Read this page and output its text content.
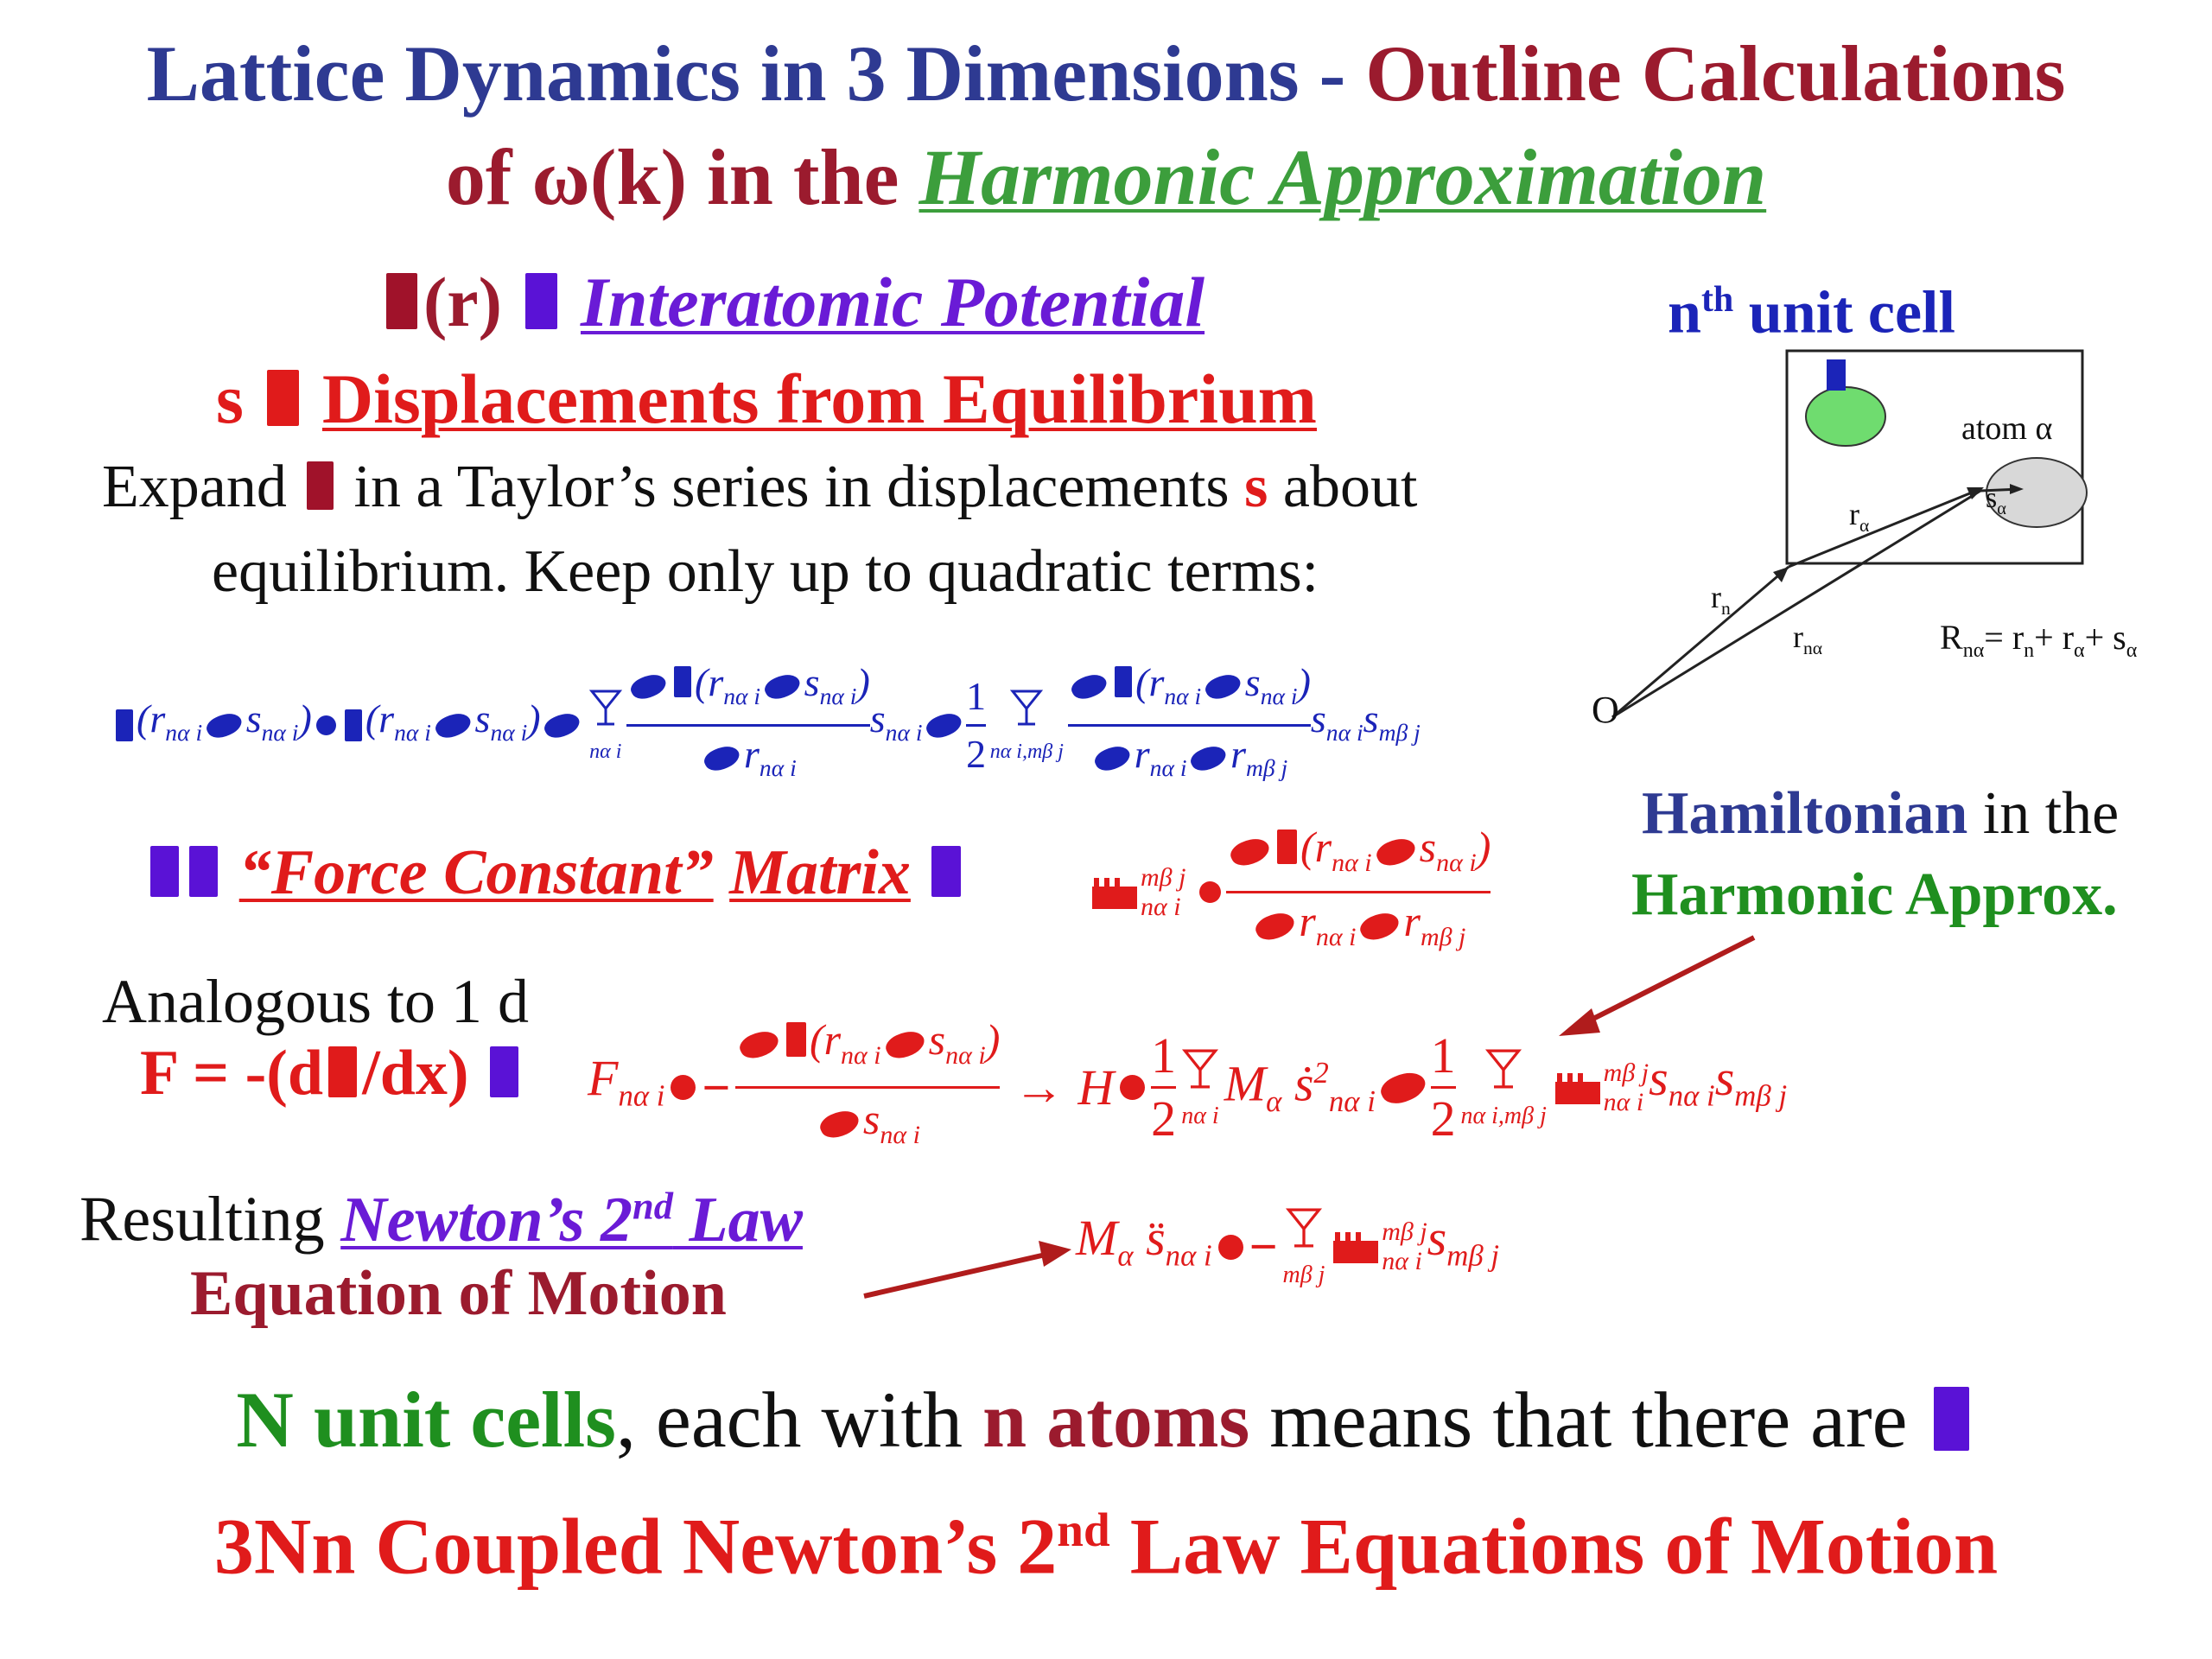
Lattice Dynamics in 3 Dimensions - Outline Calculations
of ω(k) in the Harmonic Approximation
(r) Interatomic Potential
s Displacements from Equilibrium
Expand in a Taylor’s series in displacements s about
equilibrium. Keep only up to quadratic terms:
($r_{n\alpha i}$ $s_{n\alpha i}$) ($r_{n\alpha i}$ $s_{n\alpha i}$)
nα i $\frac{(r_{n\alpha i} s_{n\alpha i})}{r_{n\alpha i}} s_{n\alpha i} \frac{1}{2}$ nα i,mβ j $\frac{(r_{n\alpha i} s_{n\alpha i})}{r_{n\alpha i} r_{m\beta j}} s_{n\alpha i}s_{m\beta j}$
$n^{th}$ unit cell
atom α
$r_\alpha$
$s_\alpha$
$r_n$
$r_{n\alpha}$	$R_{n\alpha}= r_n+ r_\alpha+ s_\alpha$
O
“Force Constant” Matrix	mβ j
nα i $\frac{(r_{n\alpha i} s_{n\alpha i})}{r_{n\alpha i} r_{m\beta j}}$
Hamiltonian in the
Harmonic Approx.
Analogous to 1 d
F = -(d /dx)	$F_{n\alpha i} - \frac{(r_{n\alpha i} s_{n\alpha i})}{s_{n\alpha i}} \to H \frac{1}{2}$ nα i
$M_\alpha$ ṡ$^2_{n\alpha i}$ $\frac{1}{2}$ nα i,mβ j
mβ j
nα i $s_{n\alpha i}s_{m\beta j}$
Resulting Newton’s 2nd Law
Equation of Motion
$M_\alpha$ $s̈_{n\alpha i}$ −
mβ j
mβ j
nα i $s_{m\beta j}$
N unit cells, each with n atoms means that there are
3Nn Coupled Newton’s 2nd Law Equations of Motion
